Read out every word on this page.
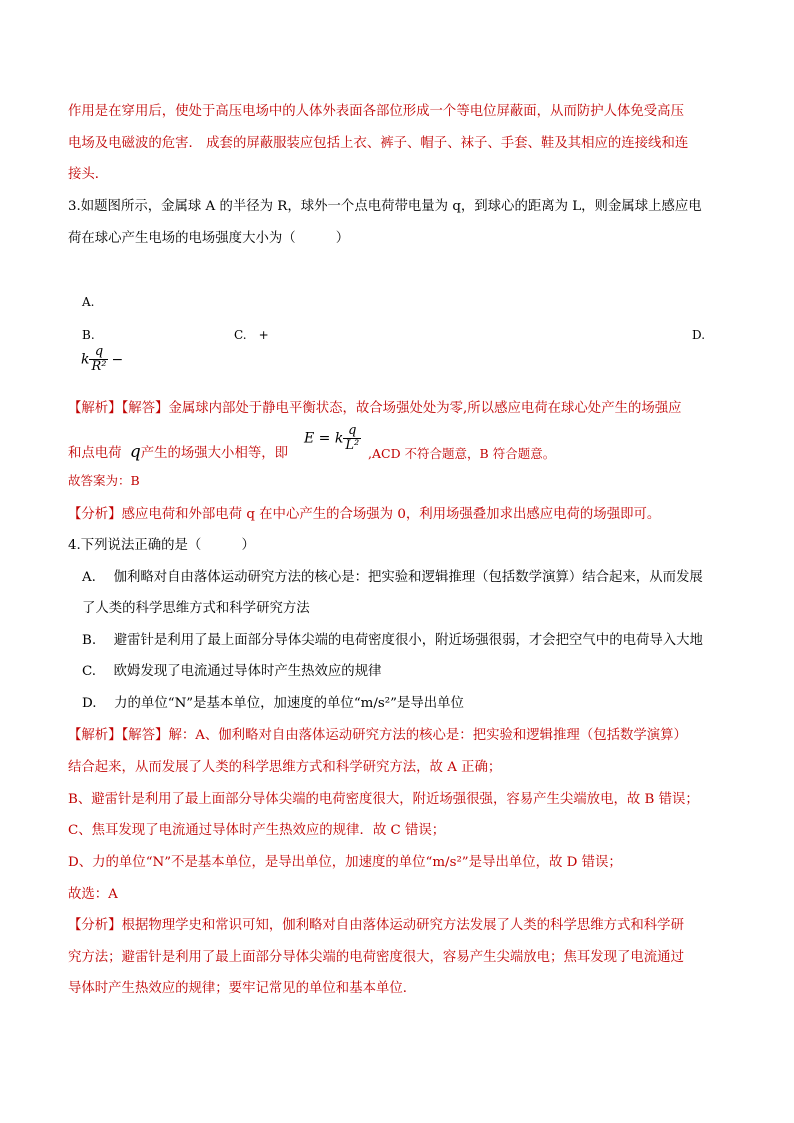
作用是在穿用后，使处于高压电场中的人体外表面各部位形成一个等电位屏蔽面，从而防护人体免受高压
电场及电磁波的危害． 成套的屏蔽服装应包括上衣、裤子、帽子、袜子、手套、鞋及其相应的连接线和连
接头．
3.如题图所示，金属球 A 的半径为 R，球外一个点电荷带电量为 q，到球心的距离为 L，则金属球上感应电
荷在球心产生电场的电场强度大小为（　　　）
A.
B.	C.　+	D.
k $\frac{q}{\text{R²}}$ −
【解析】【解答】金属球内部处于静电平衡状态，故合场强处处为零,所以感应电荷在球心处产生的场强应
和点电荷 q产生的场强大小相等，即
E = k $\frac{q}{\text{L²}}$
,ACD 不符合题意，B 符合题意。
故答案为：B
【分析】感应电荷和外部电荷 q 在中心产生的合场强为 0，利用场强叠加求出感应电荷的场强即可。
4.下列说法正确的是（　　　）
A.　 伽利略对自由落体运动研究方法的核心是：把实验和逻辑推理（包括数学演算）结合起来，从而发展
了人类的科学思维方式和科学研究方法
B.　 避雷针是利用了最上面部分导体尖端的电荷密度很小，附近场强很弱，才会把空气中的电荷导入大地
C.　 欧姆发现了电流通过导体时产生热效应的规律
D.　 力的单位“N”是基本单位，加速度的单位“m/s²”是导出单位
【解析】【解答】解：A、伽利略对自由落体运动研究方法的核心是：把实验和逻辑推理（包括数学演算）
结合起来，从而发展了人类的科学思维方式和科学研究方法，故 A 正确；
B、避雷针是利用了最上面部分导体尖端的电荷密度很大，附近场强很强，容易产生尖端放电，故 B 错误；
C、焦耳发现了电流通过导体时产生热效应的规律．故 C 错误；
D、力的单位“N”不是基本单位，是导出单位，加速度的单位“m/s²”是导出单位，故 D 错误；
故选：A
【分析】根据物理学史和常识可知，伽利略对自由落体运动研究方法发展了人类的科学思维方式和科学研
究方法；避雷针是利用了最上面部分导体尖端的电荷密度很大，容易产生尖端放电；焦耳发现了电流通过
导体时产生热效应的规律；要牢记常见的单位和基本单位．
